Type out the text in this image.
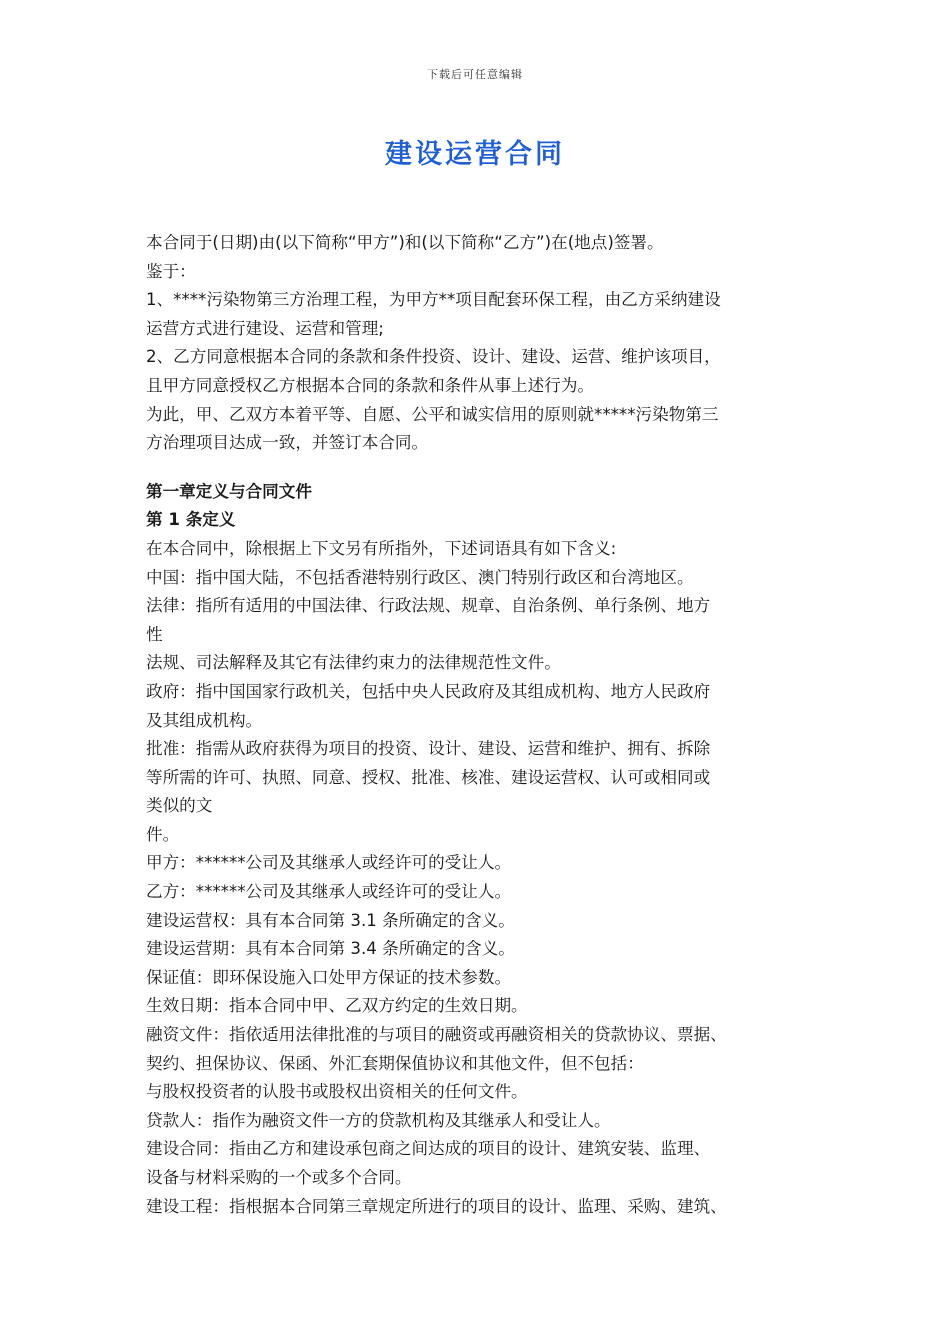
下载后可任意编辑
建设运营合同
本合同于(日期)由(以下简称“甲方”)和(以下简称“乙方”)在(地点)签署。
鉴于：
1、****污染物第三方治理工程，为甲方**项目配套环保工程，由乙方采纳建设
运营方式进行建设、运营和管理;
2、乙方同意根据本合同的条款和条件投资、设计、建设、运营、维护该项目，
且甲方同意授权乙方根据本合同的条款和条件从事上述行为。
为此，甲、乙双方本着平等、自愿、公平和诚实信用的原则就*****污染物第三
方治理项目达成一致，并签订本合同。
第一章定义与合同文件
第 1 条定义
在本合同中，除根据上下文另有所指外，下述词语具有如下含义:
中国：指中国大陆，不包括香港特别行政区、澳门特别行政区和台湾地区。
法律：指所有适用的中国法律、行政法规、规章、自治条例、单行条例、地方
性
法规、司法解释及其它有法律约束力的法律规范性文件。
政府：指中国国家行政机关，包括中央人民政府及其组成机构、地方人民政府
及其组成机构。
批准：指需从政府获得为项目的投资、设计、建设、运营和维护、拥有、拆除
等所需的许可、执照、同意、授权、批准、核准、建设运营权、认可或相同或
类似的文
件。
甲方：******公司及其继承人或经许可的受让人。
乙方：******公司及其继承人或经许可的受让人。
建设运营权：具有本合同第 3.1 条所确定的含义。
建设运营期：具有本合同第 3.4 条所确定的含义。
保证值：即环保设施入口处甲方保证的技术参数。
生效日期：指本合同中甲、乙双方约定的生效日期。
融资文件：指依适用法律批准的与项目的融资或再融资相关的贷款协议、票据、
契约、担保协议、保函、外汇套期保值协议和其他文件，但不包括：
与股权投资者的认股书或股权出资相关的任何文件。
贷款人：指作为融资文件一方的贷款机构及其继承人和受让人。
建设合同：指由乙方和建设承包商之间达成的项目的设计、建筑安装、监理、
设备与材料采购的一个或多个合同。
建设工程：指根据本合同第三章规定所进行的项目的设计、监理、采购、建筑、
